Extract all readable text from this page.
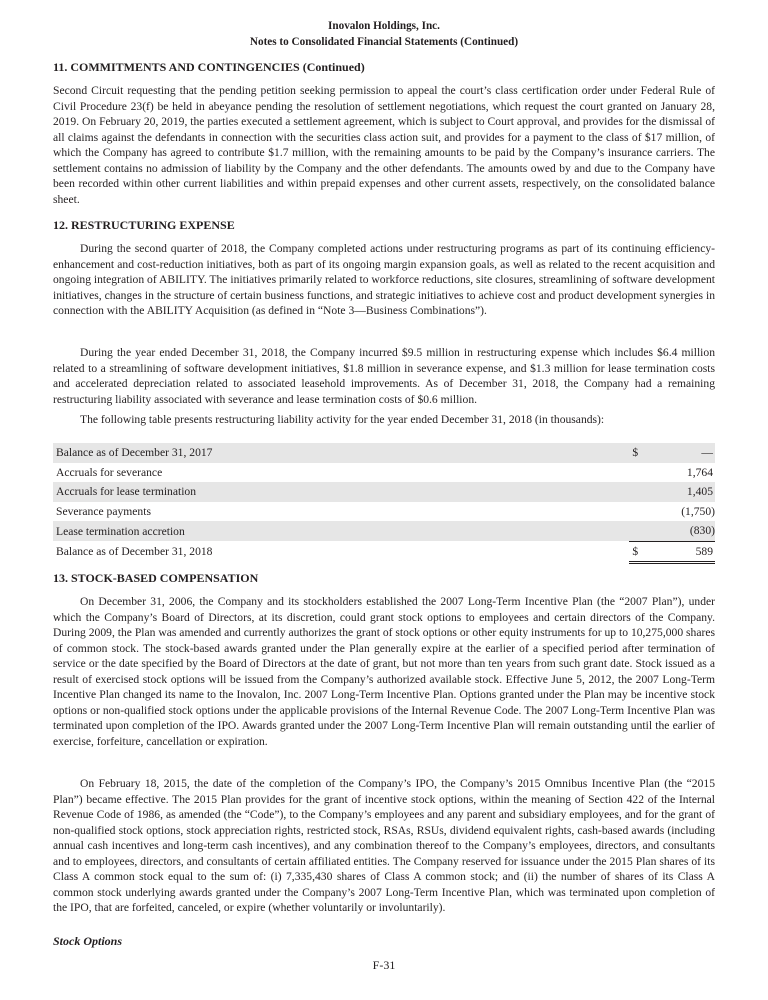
Inovalon Holdings, Inc.
Notes to Consolidated Financial Statements (Continued)
11. COMMITMENTS AND CONTINGENCIES (Continued)
Second Circuit requesting that the pending petition seeking permission to appeal the court’s class certification order under Federal Rule of Civil Procedure 23(f) be held in abeyance pending the resolution of settlement negotiations, which request the court granted on January 28, 2019. On February 20, 2019, the parties executed a settlement agreement, which is subject to Court approval, and provides for the dismissal of all claims against the defendants in connection with the securities class action suit, and provides for a payment to the class of $17 million, of which the Company has agreed to contribute $1.7 million, with the remaining amounts to be paid by the Company’s insurance carriers. The settlement contains no admission of liability by the Company and the other defendants. The amounts owed by and due to the Company have been recorded within other current liabilities and within prepaid expenses and other current assets, respectively, on the consolidated balance sheet.
12. RESTRUCTURING EXPENSE
During the second quarter of 2018, the Company completed actions under restructuring programs as part of its continuing efficiency-enhancement and cost-reduction initiatives, both as part of its ongoing margin expansion goals, as well as related to the recent acquisition and ongoing integration of ABILITY. The initiatives primarily related to workforce reductions, site closures, streamlining of software development initiatives, changes in the structure of certain business functions, and strategic initiatives to achieve cost and product development synergies in connection with the ABILITY Acquisition (as defined in “Note 3—Business Combinations”).
During the year ended December 31, 2018, the Company incurred $9.5 million in restructuring expense which includes $6.4 million related to a streamlining of software development initiatives, $1.8 million in severance expense, and $1.3 million for lease termination costs and accelerated depreciation related to associated leasehold improvements. As of December 31, 2018, the Company had a remaining restructuring liability associated with severance and lease termination costs of $0.6 million.
The following table presents restructuring liability activity for the year ended December 31, 2018 (in thousands):
Balance as of December 31, 2017	$	—
Accruals for severance		1,764
Accruals for lease termination		1,405
Severance payments		(1,750)
Lease termination accretion		(830)
Balance as of December 31, 2018	$	589
13. STOCK-BASED COMPENSATION
On December 31, 2006, the Company and its stockholders established the 2007 Long-Term Incentive Plan (the “2007 Plan”), under which the Company’s Board of Directors, at its discretion, could grant stock options to employees and certain directors of the Company. During 2009, the Plan was amended and currently authorizes the grant of stock options or other equity instruments for up to 10,275,000 shares of common stock. The stock-based awards granted under the Plan generally expire at the earlier of a specified period after termination of service or the date specified by the Board of Directors at the date of grant, but not more than ten years from such grant date. Stock issued as a result of exercised stock options will be issued from the Company’s authorized available stock. Effective June 5, 2012, the 2007 Long-Term Incentive Plan changed its name to the Inovalon, Inc. 2007 Long-Term Incentive Plan. Options granted under the Plan may be incentive stock options or non-qualified stock options under the applicable provisions of the Internal Revenue Code. The 2007 Long-Term Incentive Plan was terminated upon completion of the IPO. Awards granted under the 2007 Long-Term Incentive Plan will remain outstanding until the earlier of exercise, forfeiture, cancellation or expiration.
On February 18, 2015, the date of the completion of the Company’s IPO, the Company’s 2015 Omnibus Incentive Plan (the “2015 Plan”) became effective. The 2015 Plan provides for the grant of incentive stock options, within the meaning of Section 422 of the Internal Revenue Code of 1986, as amended (the “Code”), to the Company’s employees and any parent and subsidiary employees, and for the grant of non-qualified stock options, stock appreciation rights, restricted stock, RSAs, RSUs, dividend equivalent rights, cash-based awards (including annual cash incentives and long-term cash incentives), and any combination thereof to the Company’s employees, directors, and consultants and to employees, directors, and consultants of certain affiliated entities. The Company reserved for issuance under the 2015 Plan shares of its Class A common stock equal to the sum of: (i) 7,335,430 shares of Class A common stock; and (ii) the number of shares of its Class A common stock underlying awards granted under the Company’s 2007 Long-Term Incentive Plan, which was terminated upon completion of the IPO, that are forfeited, canceled, or expire (whether voluntarily or involuntarily).
Stock Options
F-31
